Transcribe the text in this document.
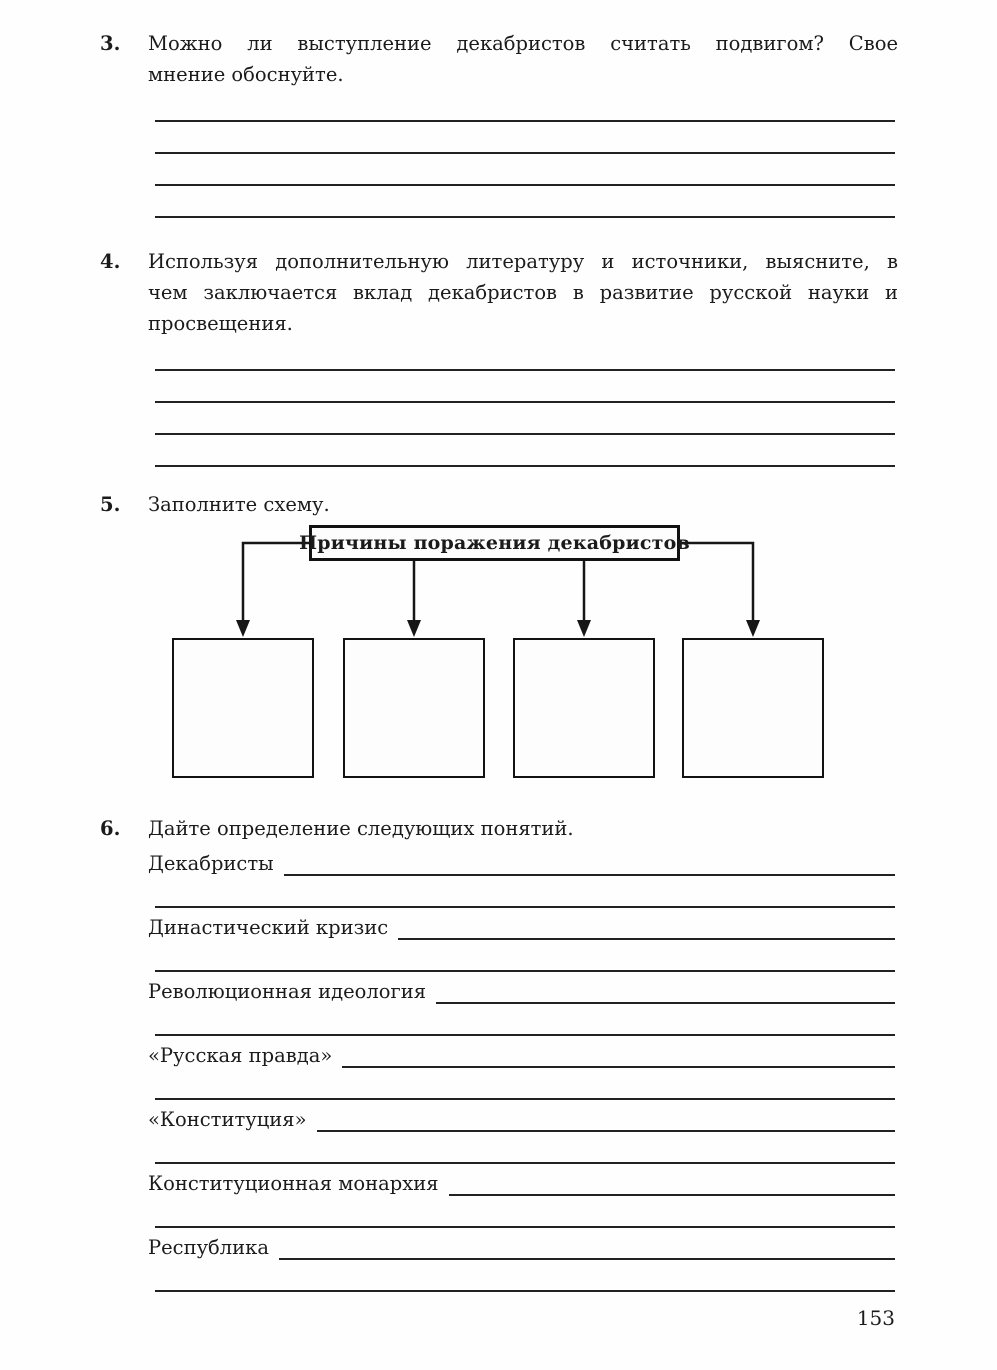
3.	Можно ли выступление декабристов считать подвигом? Свое
мнение обоснуйте.
4.	Используя дополнительную литературу и источники, выясните, в
чем заключается вклад декабристов в развитие русской науки и
просвещения.
5.	Заполните схему.
Причины поражения декабристов
6.	Дайте определение следующих понятий.
Декабристы
Династический кризис
Революционная идеология
«Русская правда»
«Конституция»
Конституционная монархия
Республика
153
